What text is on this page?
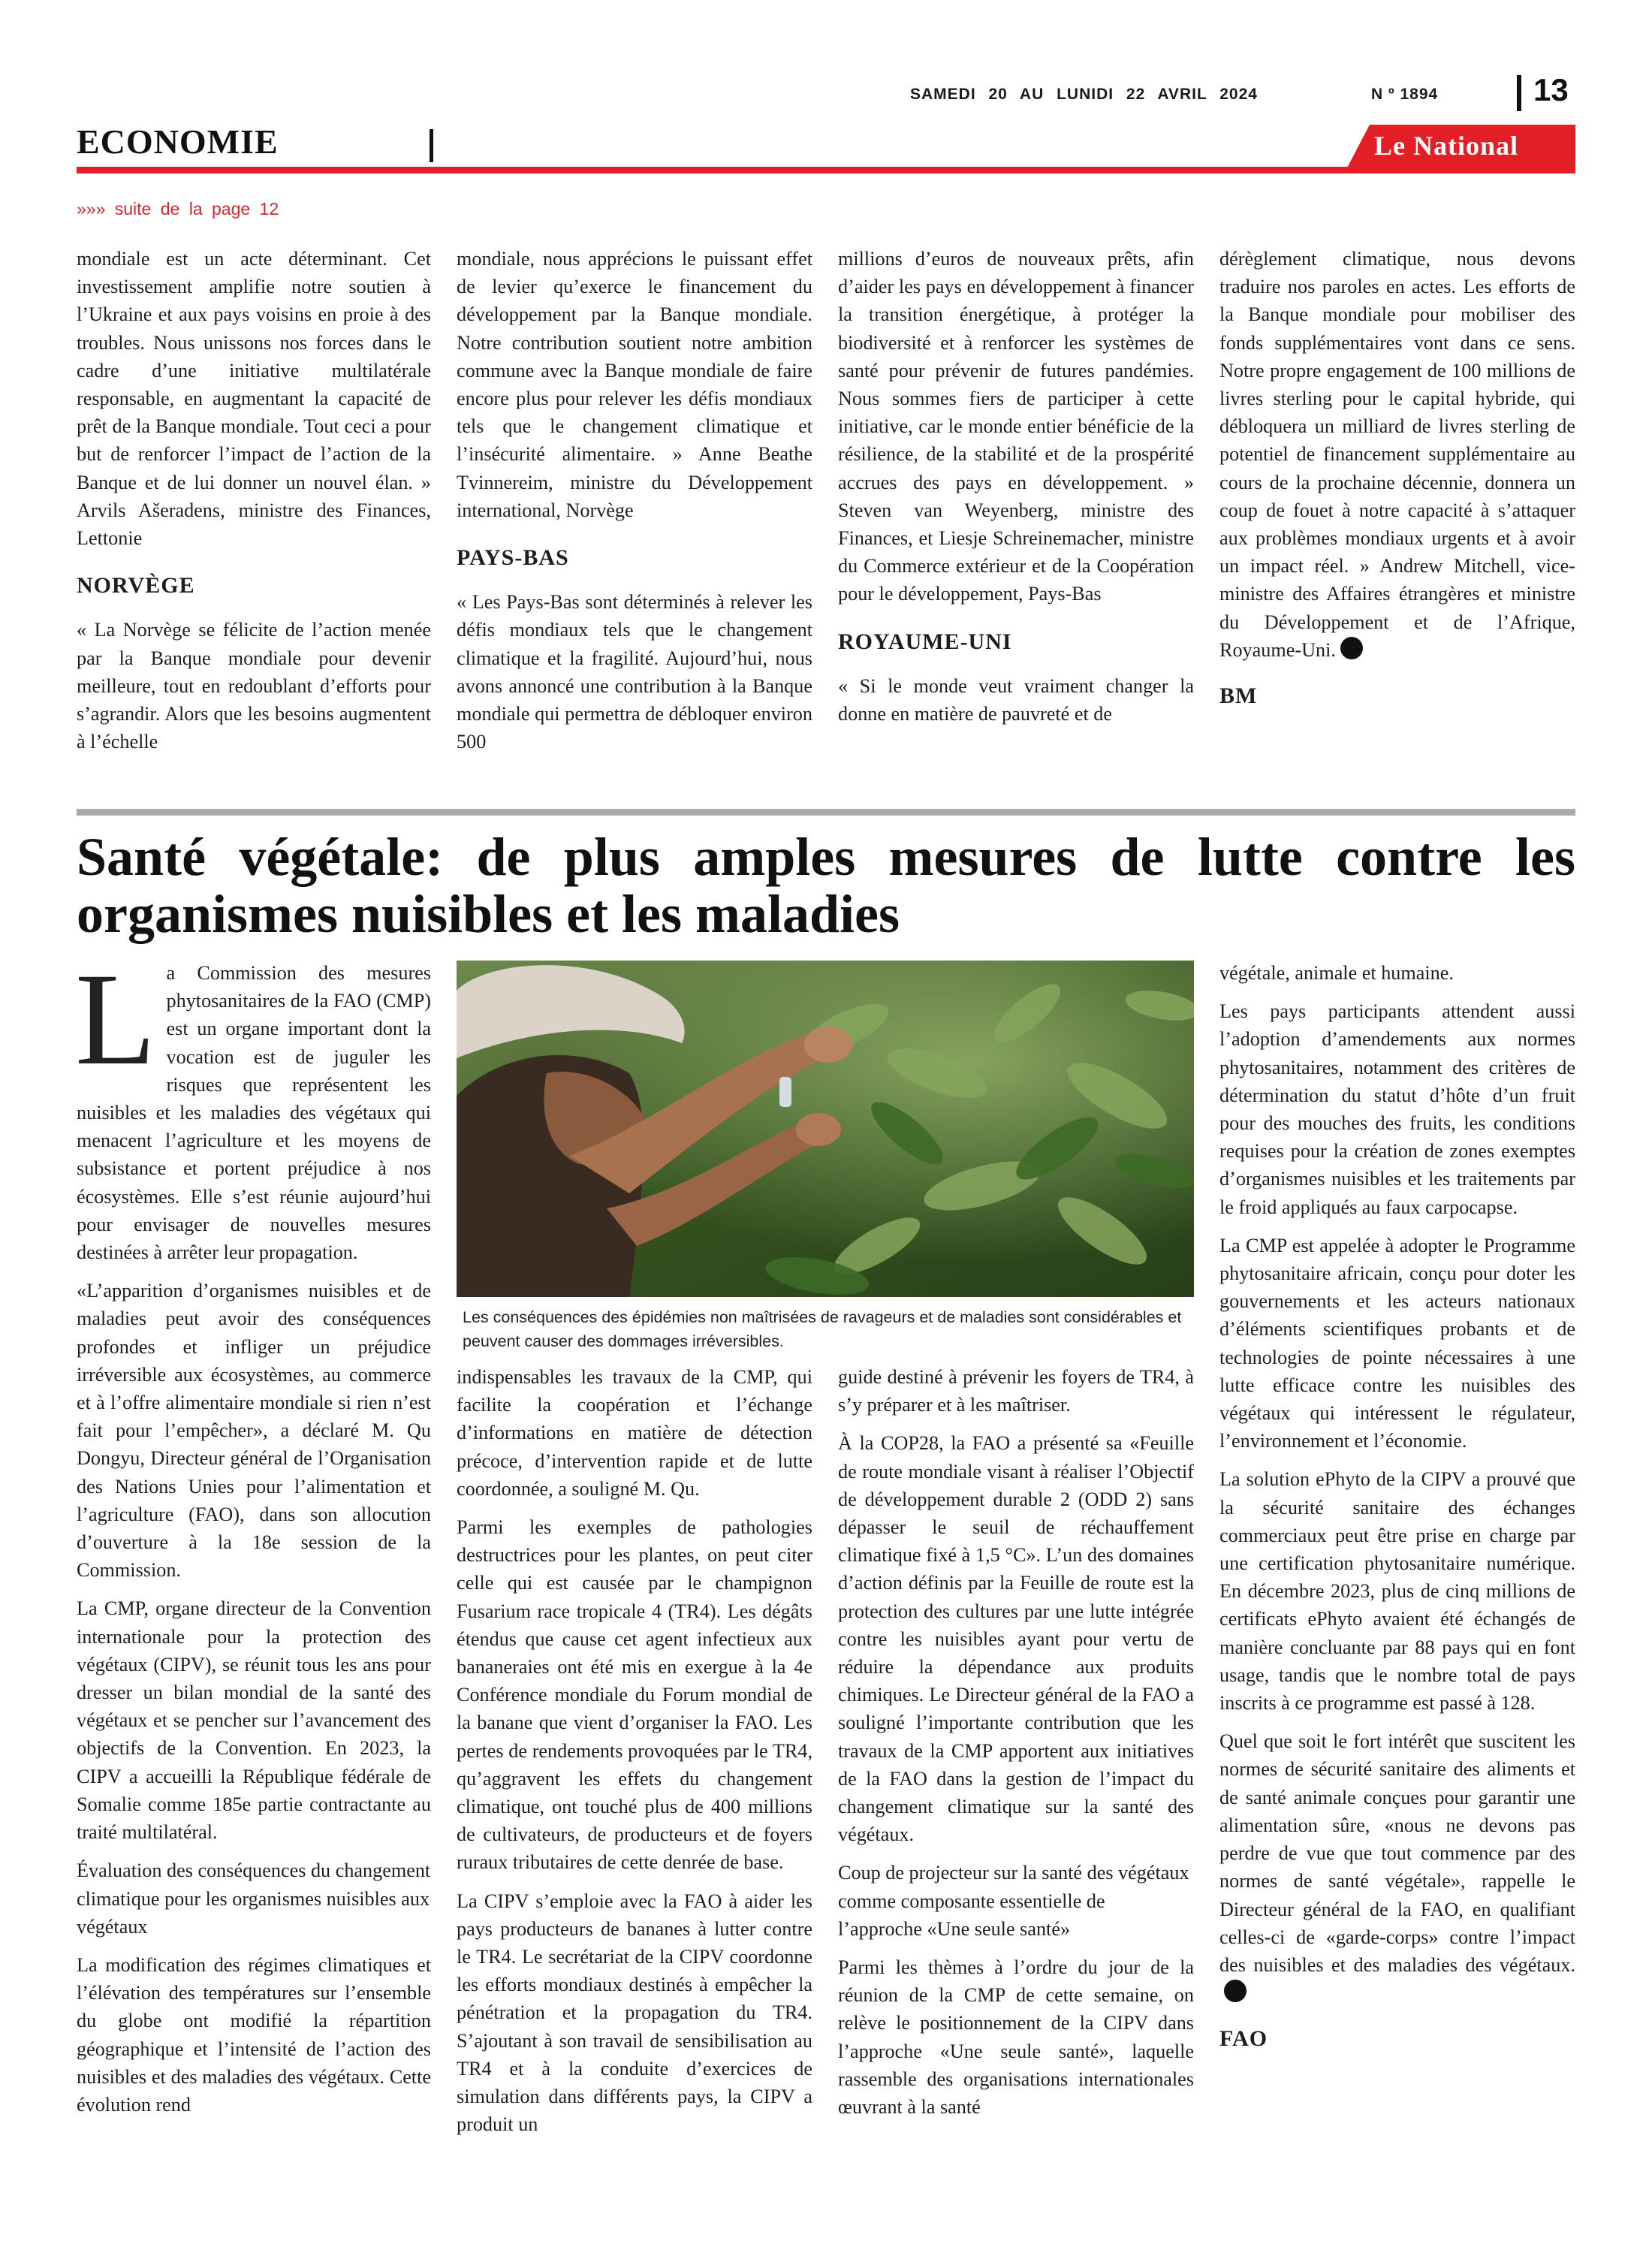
SAMEDI 20 AU LUNIDI 22 AVRIL 2024	N º 1894	13
ECONOMIE	Le National
»»» suite de la page 12

mondiale est un acte déterminant. Cet investissement amplifie notre soutien à l’Ukraine et aux pays voisins en proie à des troubles. Nous unissons nos forces dans le cadre d’une initiative multilatérale responsable, en augmentant la capacité de prêt de la Banque mondiale. Tout ceci a pour but de renforcer l’impact de l’action de la Banque et de lui donner un nouvel élan. » Arvils Ašeradens, ministre des Finances, Lettonie

NORVÈGE

« La Norvège se félicite de l’action menée par la Banque mondiale pour devenir meilleure, tout en redoublant d’efforts pour s’agrandir. Alors que les besoins augmentent à l’échelle

mondiale, nous apprécions le puissant effet de levier qu’exerce le financement du développement par la Banque mondiale. Notre contribution soutient notre ambition commune avec la Banque mondiale de faire encore plus pour relever les défis mondiaux tels que le changement climatique et l’insécurité alimentaire. » Anne Beathe Tvinnereim, ministre du Développement international, Norvège

PAYS-BAS

« Les Pays-Bas sont déterminés à relever les défis mondiaux tels que le changement climatique et la fragilité. Aujourd’hui, nous avons annoncé une contribution à la Banque mondiale qui permettra de débloquer environ 500

millions d’euros de nouveaux prêts, afin d’aider les pays en développement à financer la transition énergétique, à protéger la biodiversité et à renforcer les systèmes de santé pour prévenir de futures pandémies. Nous sommes fiers de participer à cette initiative, car le monde entier bénéficie de la résilience, de la stabilité et de la prospérité accrues des pays en développement. » Steven van Weyenberg, ministre des Finances, et Liesje Schreinemacher, ministre du Commerce extérieur et de la Coopération pour le développement, Pays-Bas

ROYAUME-UNI

« Si le monde veut vraiment changer la donne en matière de pauvreté et de

dérèglement climatique, nous devons traduire nos paroles en actes. Les efforts de la Banque mondiale pour mobiliser des fonds supplémentaires vont dans ce sens. Notre propre engagement de 100 millions de livres sterling pour le capital hybride, qui débloquera un milliard de livres sterling de potentiel de financement supplémentaire au cours de la prochaine décennie, donnera un coup de fouet à notre capacité à s’attaquer aux problèmes mondiaux urgents et à avoir un impact réel. » Andrew Mitchell, vice-ministre des Affaires étrangères et ministre du Développement et de l’Afrique, Royaume-Uni.

BM
Santé végétale: de plus amples mesures de lutte contre les organismes nuisibles et les maladies

La Commission des mesures phytosanitaires de la FAO (CMP) est un organe important dont la vocation est de juguler les risques que représentent les nuisibles et les maladies des végétaux qui menacent l’agriculture et les moyens de subsistance et portent préjudice à nos écosystèmes. Elle s’est réunie aujourd’hui pour envisager de nouvelles mesures destinées à arrêter leur propagation.

«L’apparition d’organismes nuisibles et de maladies peut avoir des conséquences profondes et infliger un préjudice irréversible aux écosystèmes, au commerce et à l’offre alimentaire mondiale si rien n’est fait pour l’empêcher», a déclaré M. Qu Dongyu, Directeur général de l’Organisation des Nations Unies pour l’alimentation et l’agriculture (FAO), dans son allocution d’ouverture à la 18e session de la Commission.

La CMP, organe directeur de la Convention internationale pour la protection des végétaux (CIPV), se réunit tous les ans pour dresser un bilan mondial de la santé des végétaux et se pencher sur l’avancement des objectifs de la Convention. En 2023, la CIPV a accueilli la République fédérale de Somalie comme 185e partie contractante au traité multilatéral.

Évaluation des conséquences du changement climatique pour les organismes nuisibles aux végétaux

La modification des régimes climatiques et l’élévation des températures sur l’ensemble du globe ont modifié la répartition géographique et l’intensité de l’action des nuisibles et des maladies des végétaux. Cette évolution rend

Les conséquences des épidémies non maîtrisées de ravageurs et de maladies sont considérables et peuvent causer des dommages irréversibles.

indispensables les travaux de la CMP, qui facilite la coopération et l’échange d’informations en matière de détection précoce, d’intervention rapide et de lutte coordonnée, a souligné M. Qu.

Parmi les exemples de pathologies destructrices pour les plantes, on peut citer celle qui est causée par le champignon Fusarium race tropicale 4 (TR4). Les dégâts étendus que cause cet agent infectieux aux bananeraies ont été mis en exergue à la 4e Conférence mondiale du Forum mondial de la banane que vient d’organiser la FAO. Les pertes de rendements provoquées par le TR4, qu’aggravent les effets du changement climatique, ont touché plus de 400 millions de cultivateurs, de producteurs et de foyers ruraux tributaires de cette denrée de base.

La CIPV s’emploie avec la FAO à aider les pays producteurs de bananes à lutter contre le TR4. Le secrétariat de la CIPV coordonne les efforts mondiaux destinés à empêcher la pénétration et la propagation du TR4. S’ajoutant à son travail de sensibilisation au TR4 et à la conduite d’exercices de simulation dans différents pays, la CIPV a produit un

guide destiné à prévenir les foyers de TR4, à s’y préparer et à les maîtriser.

À la COP28, la FAO a présenté sa «Feuille de route mondiale visant à réaliser l’Objectif de développement durable 2 (ODD 2) sans dépasser le seuil de réchauffement climatique fixé à 1,5 °C». L’un des domaines d’action définis par la Feuille de route est la protection des cultures par une lutte intégrée contre les nuisibles ayant pour vertu de réduire la dépendance aux produits chimiques. Le Directeur général de la FAO a souligné l’importante contribution que les travaux de la CMP apportent aux initiatives de la FAO dans la gestion de l’impact du changement climatique sur la santé des végétaux.

Coup de projecteur sur la santé des végétaux comme composante essentielle de l’approche «Une seule santé»

Parmi les thèmes à l’ordre du jour de la réunion de la CMP de cette semaine, on relève le positionnement de la CIPV dans l’approche «Une seule santé», laquelle rassemble des organisations internationales œuvrant à la santé

végétale, animale et humaine.

Les pays participants attendent aussi l’adoption d’amendements aux normes phytosanitaires, notamment des critères de détermination du statut d’hôte d’un fruit pour des mouches des fruits, les conditions requises pour la création de zones exemptes d’organismes nuisibles et les traitements par le froid appliqués au faux carpocapse.

La CMP est appelée à adopter le Programme phytosanitaire africain, conçu pour doter les gouvernements et les acteurs nationaux d’éléments scientifiques probants et de technologies de pointe nécessaires à une lutte efficace contre les nuisibles des végétaux qui intéressent le régulateur, l’environnement et l’économie.

La solution ePhyto de la CIPV a prouvé que la sécurité sanitaire des échanges commerciaux peut être prise en charge par une certification phytosanitaire numérique. En décembre 2023, plus de cinq millions de certificats ePhyto avaient été échangés de manière concluante par 88 pays qui en font usage, tandis que le nombre total de pays inscrits à ce programme est passé à 128.

Quel que soit le fort intérêt que suscitent les normes de sécurité sanitaire des aliments et de santé animale conçues pour garantir une alimentation sûre, «nous ne devons pas perdre de vue que tout commence par des normes de santé végétale», rappelle le Directeur général de la FAO, en qualifiant celles-ci de «garde-corps» contre l’impact des nuisibles et des maladies des végétaux.

FAO
